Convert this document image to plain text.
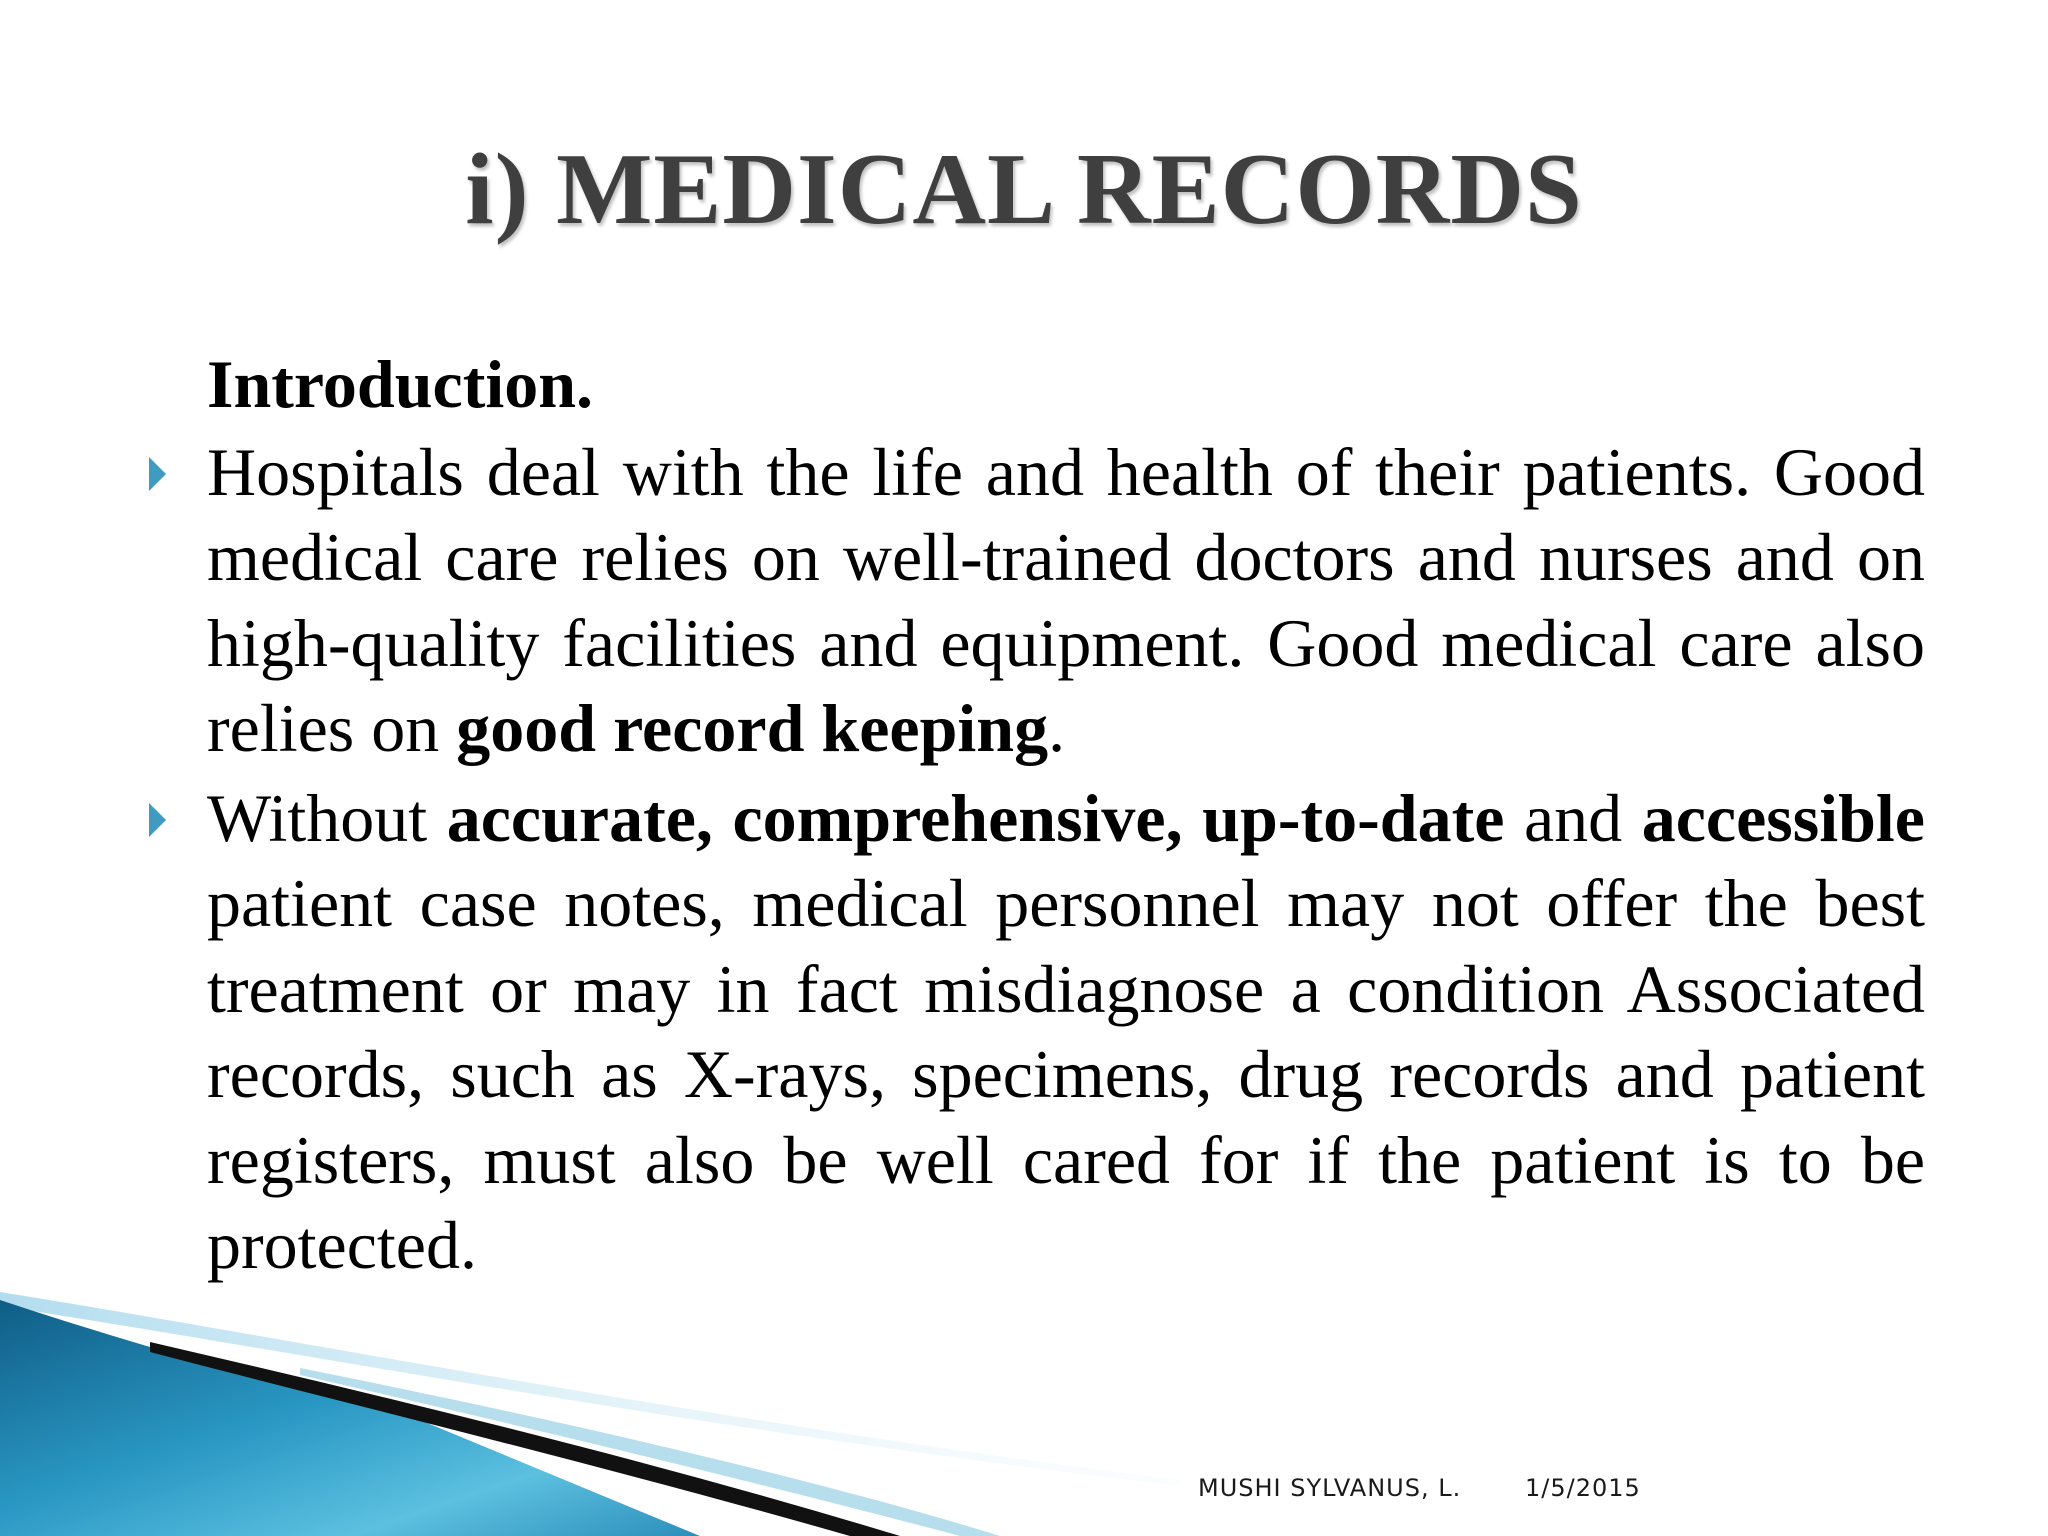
i) MEDICAL RECORDS
Introduction.
Hospitals deal with the life and health of their patients. Good medical care relies on well-trained doctors and nurses and on high-quality facilities and equipment. Good medical care also relies on good record keeping.
Without accurate, comprehensive, up-to-date and accessible patient case notes, medical personnel may not offer the best treatment or may in fact misdiagnose a condition Associated records, such as X-rays, specimens, drug records and patient registers, must also be well cared for if the patient is to be protected.
MUSHI SYLVANUS, L.	1/5/2015
